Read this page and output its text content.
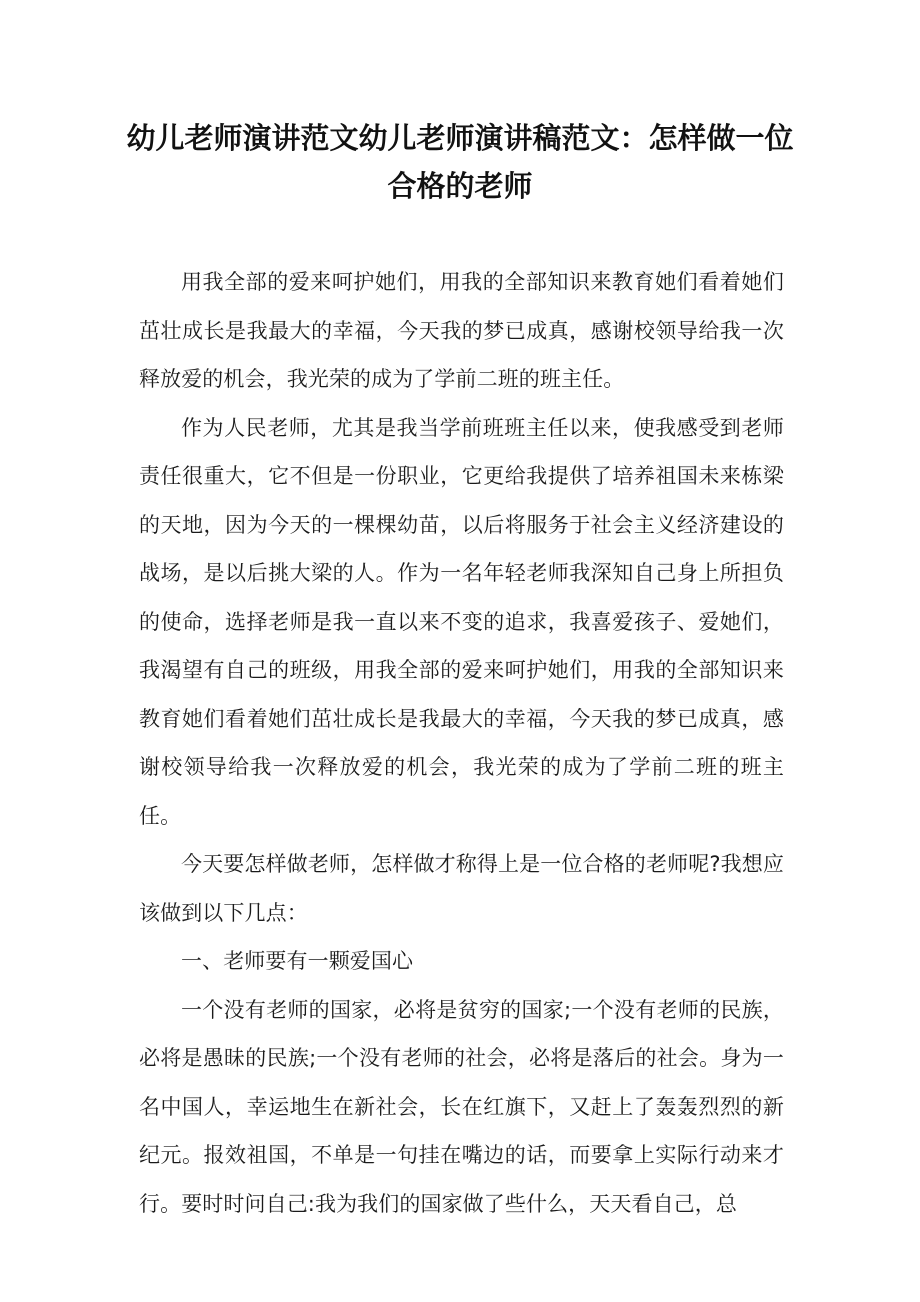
幼儿老师演讲范文幼儿老师演讲稿范文：怎样做一位
合格的老师

用我全部的爱来呵护她们，用我的全部知识来教育她们看着她们茁壮成长是我最大的幸福，今天我的梦已成真，感谢校领导给我一次释放爱的机会，我光荣的成为了学前二班的班主任。

作为人民老师，尤其是我当学前班班主任以来，使我感受到老师责任很重大，它不但是一份职业，它更给我提供了培养祖国未来栋梁的天地，因为今天的一棵棵幼苗，以后将服务于社会主义经济建设的战场，是以后挑大梁的人。作为一名年轻老师我深知自己身上所担负的使命，选择老师是我一直以来不变的追求，我喜爱孩子、爱她们，我渴望有自己的班级，用我全部的爱来呵护她们，用我的全部知识来教育她们看着她们茁壮成长是我最大的幸福，今天我的梦已成真，感谢校领导给我一次释放爱的机会，我光荣的成为了学前二班的班主任。

今天要怎样做老师，怎样做才称得上是一位合格的老师呢?我想应该做到以下几点：

一、老师要有一颗爱国心

一个没有老师的国家，必将是贫穷的国家;一个没有老师的民族，必将是愚昧的民族;一个没有老师的社会，必将是落后的社会。身为一名中国人，幸运地生在新社会，长在红旗下，又赶上了轰轰烈烈的新纪元。报效祖国，不单是一句挂在嘴边的话，而要拿上实际行动来才行。要时时问自己:我为我们的国家做了些什么，天天看自己，总
